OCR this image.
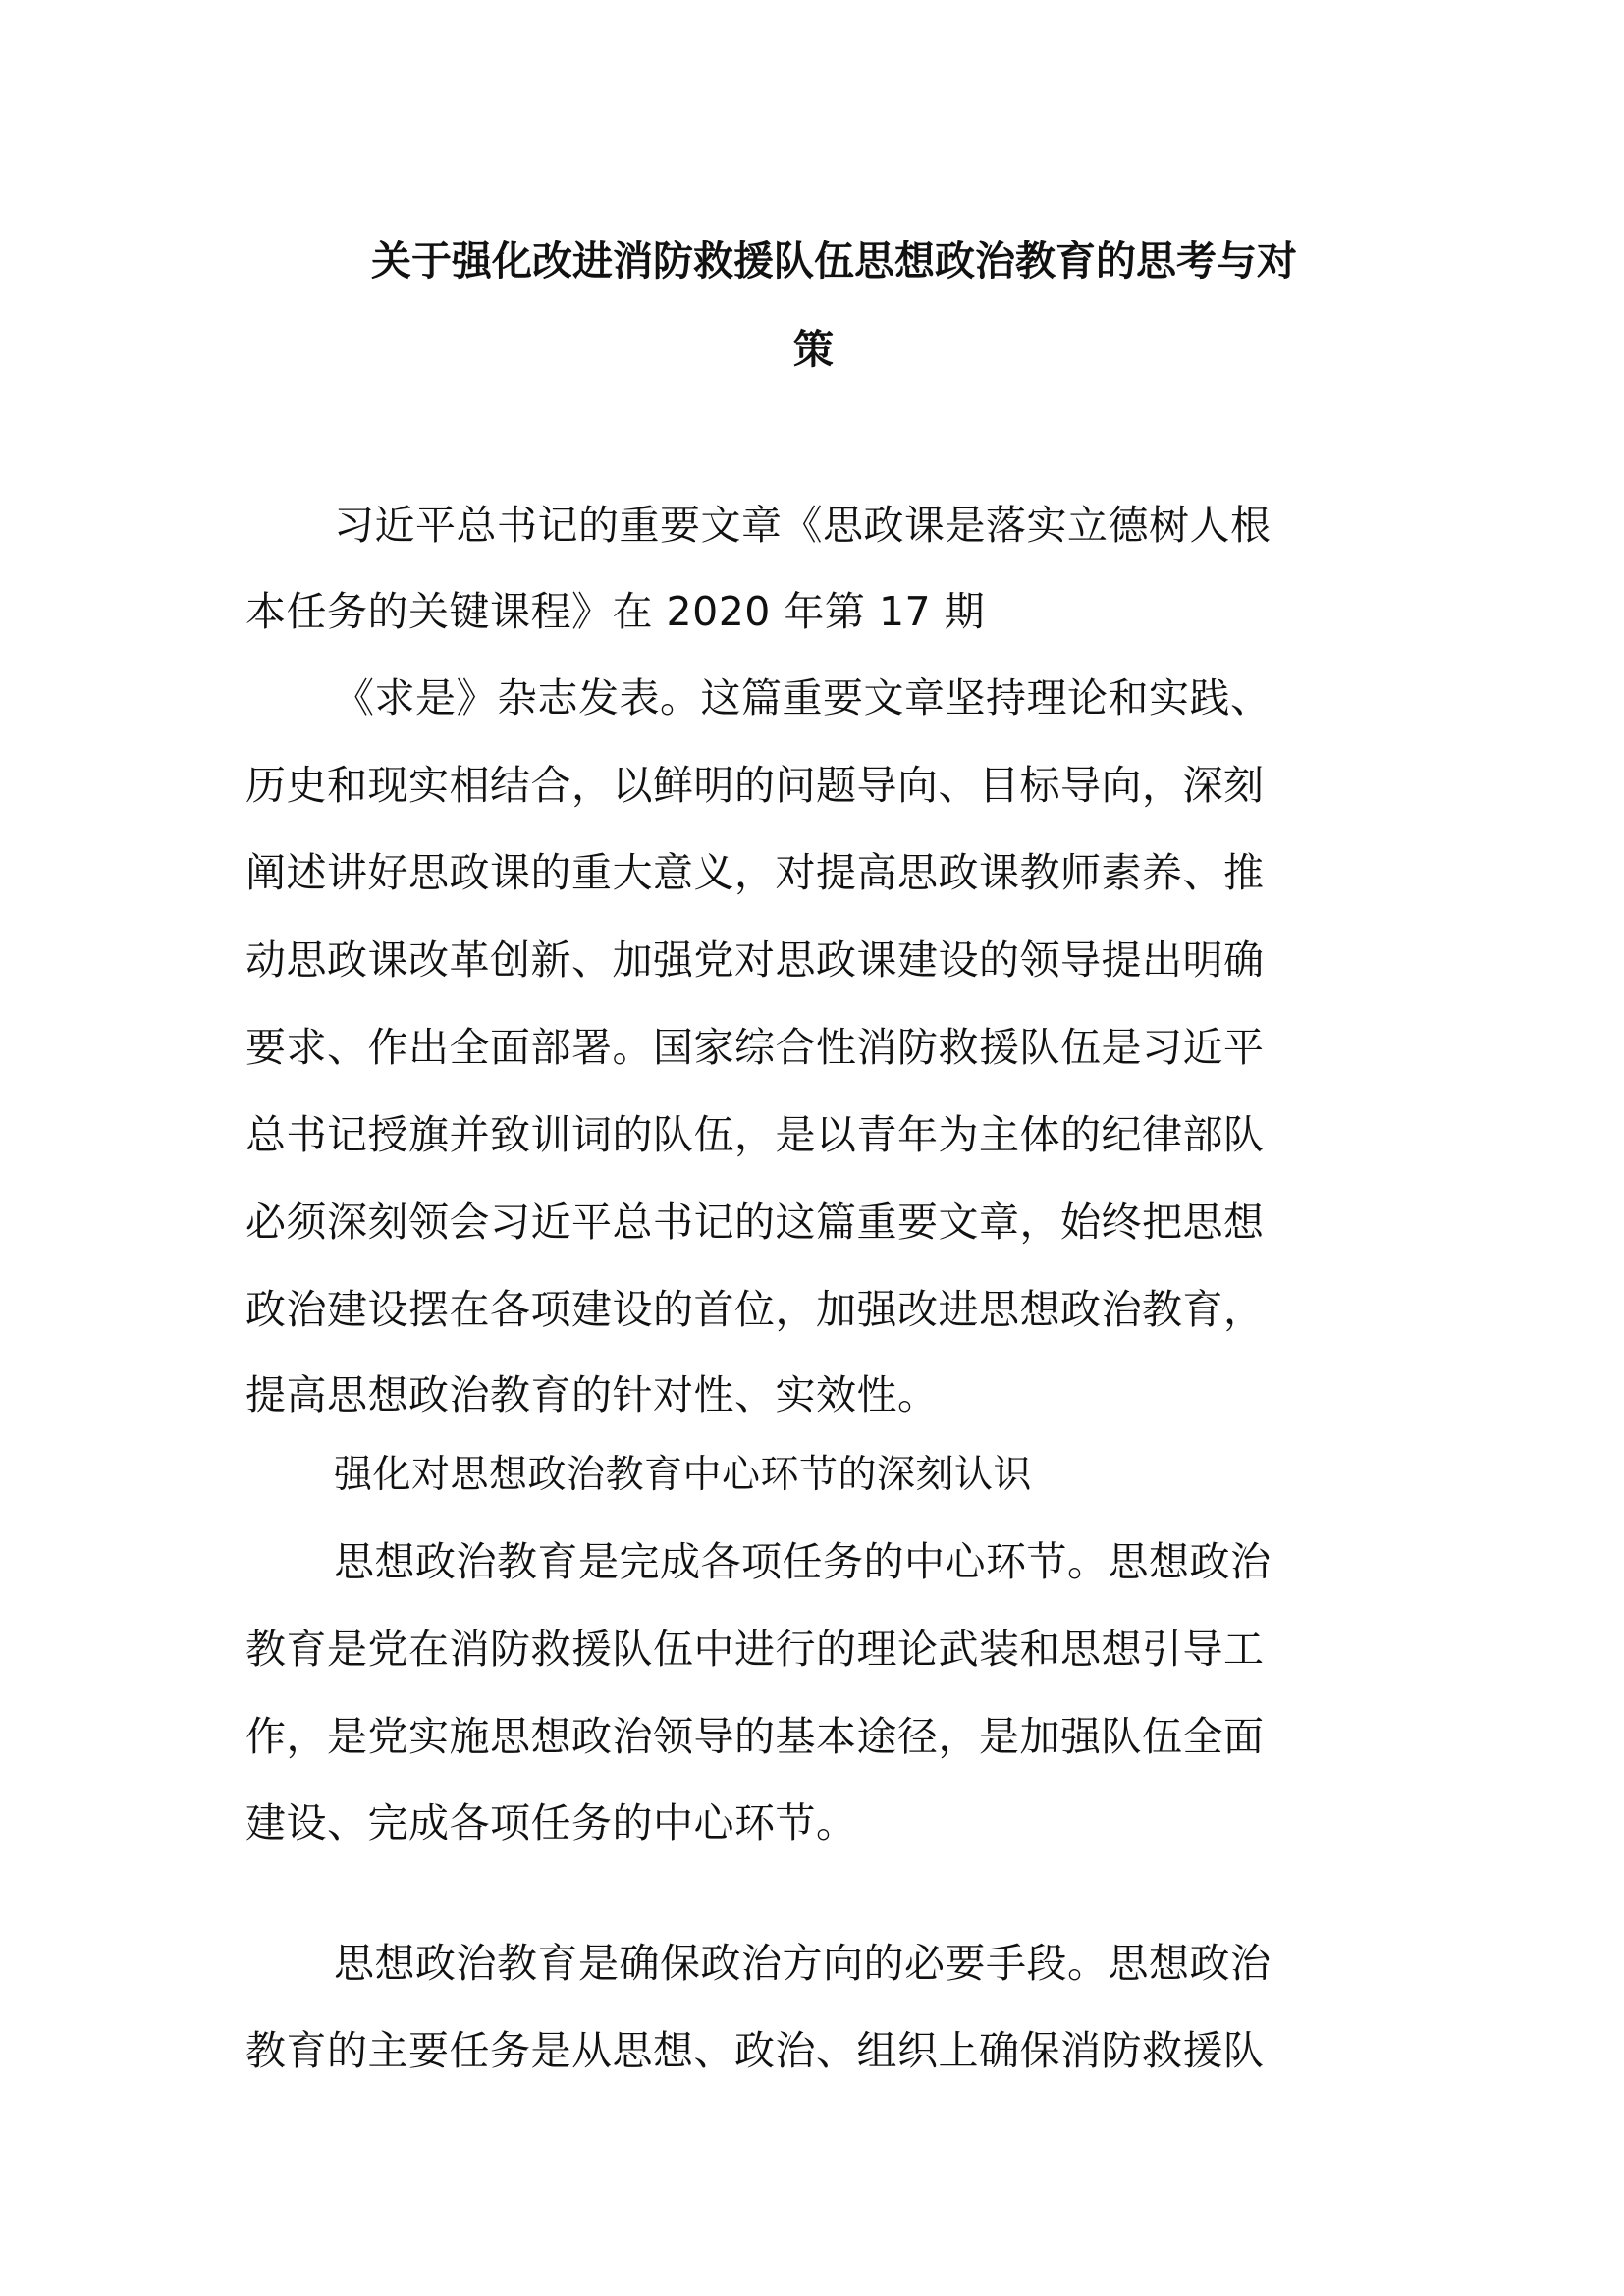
关于强化改进消防救援队伍思想政治教育的思考与对
策
习近平总书记的重要文章《思政课是落实立德树人根
本任务的关键课程》在 2020 年第 17 期
《求是》杂志发表。这篇重要文章坚持理论和实践、
历史和现实相结合，以鲜明的问题导向、目标导向，深刻
阐述讲好思政课的重大意义，对提高思政课教师素养、推
动思政课改革创新、加强党对思政课建设的领导提出明确
要求、作出全面部署。国家综合性消防救援队伍是习近平
总书记授旗并致训词的队伍，是以青年为主体的纪律部队
必须深刻领会习近平总书记的这篇重要文章，始终把思想
政治建设摆在各项建设的首位，加强改进思想政治教育，
提高思想政治教育的针对性、实效性。
强化对思想政治教育中心环节的深刻认识
思想政治教育是完成各项任务的中心环节。思想政治
教育是党在消防救援队伍中进行的理论武装和思想引导工
作，是党实施思想政治领导的基本途径，是加强队伍全面
建设、完成各项任务的中心环节。
思想政治教育是确保政治方向的必要手段。思想政治
教育的主要任务是从思想、政治、组织上确保消防救援队
